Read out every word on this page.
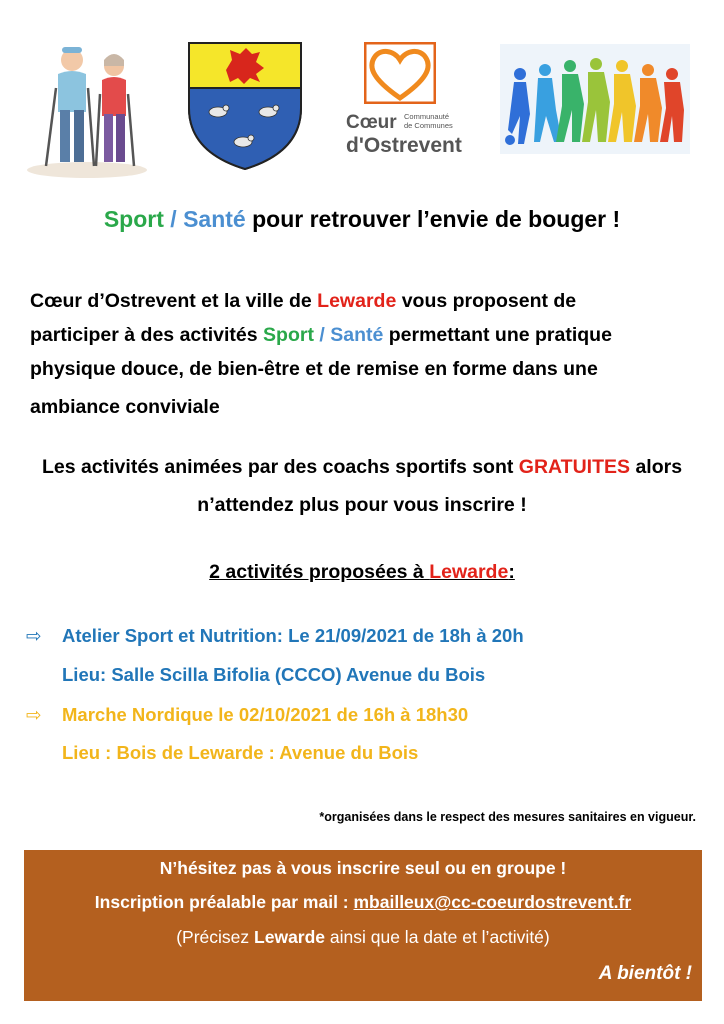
Cœur Communauté
de Communes
d'Ostrevent
Sport / Santé pour retrouver l’envie de bouger !
Cœur d’Ostrevent et la ville de Lewarde vous proposent de
participer à des activités Sport / Santé permettant une pratique
physique douce, de bien-être et de remise en forme dans une
ambiance conviviale
Les activités animées par des coachs sportifs sont GRATUITES alors
n’attendez plus pour vous inscrire !
2 activités proposées à Lewarde:
⇨ Atelier Sport et Nutrition: Le 21/09/2021 de 18h à 20h
Lieu: Salle Scilla Bifolia (CCCO) Avenue du Bois
⇨ Marche Nordique le 02/10/2021 de 16h à 18h30
Lieu : Bois de Lewarde : Avenue du Bois
*organisées dans le respect des mesures sanitaires en vigueur.
N’hésitez pas à vous inscrire seul ou en groupe !
Inscription préalable par mail : mbailleux@cc-coeurdostrevent.fr
(Précisez Lewarde ainsi que la date et l’activité)
A bientôt !
